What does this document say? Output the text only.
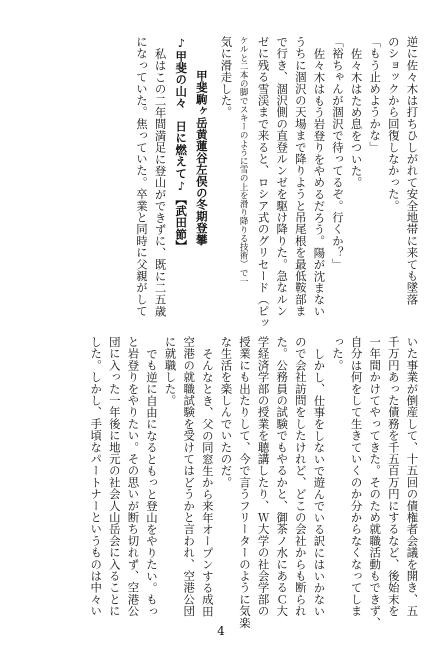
逆に佐々木は打ちひしがれて安全地帯に来ても墜落
のショックから回復しなかった。
「もう止めようかな」
佐々木はため息をついた。
「裕ちゃんが涸沢で待ってるぞ。行くか？」
佐々木はもう岩登りをやめるだろう。陽が沈まない
うちに涸沢の天場まで降りようと吊尾根を最低鞍部ま
で行き、涸沢側の直登ルンゼを駆け降りた。急なルン
ゼに残る雪渓まで来ると、ロシア式のグリセード（ピッ
ケルと二本の脚でスキーのように雪の上を滑り降りる技術）で一
気に滑走した。
甲斐駒ヶ岳黄蓮谷左俣の冬期登攀
♪甲斐の山々　日に燃えて♪【武田節】
私はこの二年間満足に登山ができずに、既に二五歳
になっていた。焦っていた。卒業と同時に父親がして
いた事業が倒産して、十五回の債権者会議を開き、五
千万円あった債務を千五百万円にするなど、後始末を
一年間かけてやってきた。そのため就職活動もできず、
自分は何をして生きていくのか分からなくなってしま
った。
しかし、仕事をしないで遊んでいる訳にはいかない
ので会社訪問をしたけれど、どこの会社からも断られ
た。公務員の試験でもやるかと、御茶ノ水にあるＣ大
学経済学部の授業を聴講したり、Ｗ大学の社会学部の
授業にも出たりして、今で言うフリーターのように気楽
な生活を楽しんでいたのだ。
そんなとき、父の同窓生から来年オープンする成田
空港の就職試験を受けてはどうかと言われ、空港公団
に就職した。
でも逆に自由になるともっと登山をやりたい。もっ
と岩登りをやりたい。その思いが断ち切れず、空港公
団に入った一年後に地元の社会人山岳会に入ることに
した。しかし、手頃なパートナーというものは中々い
4
